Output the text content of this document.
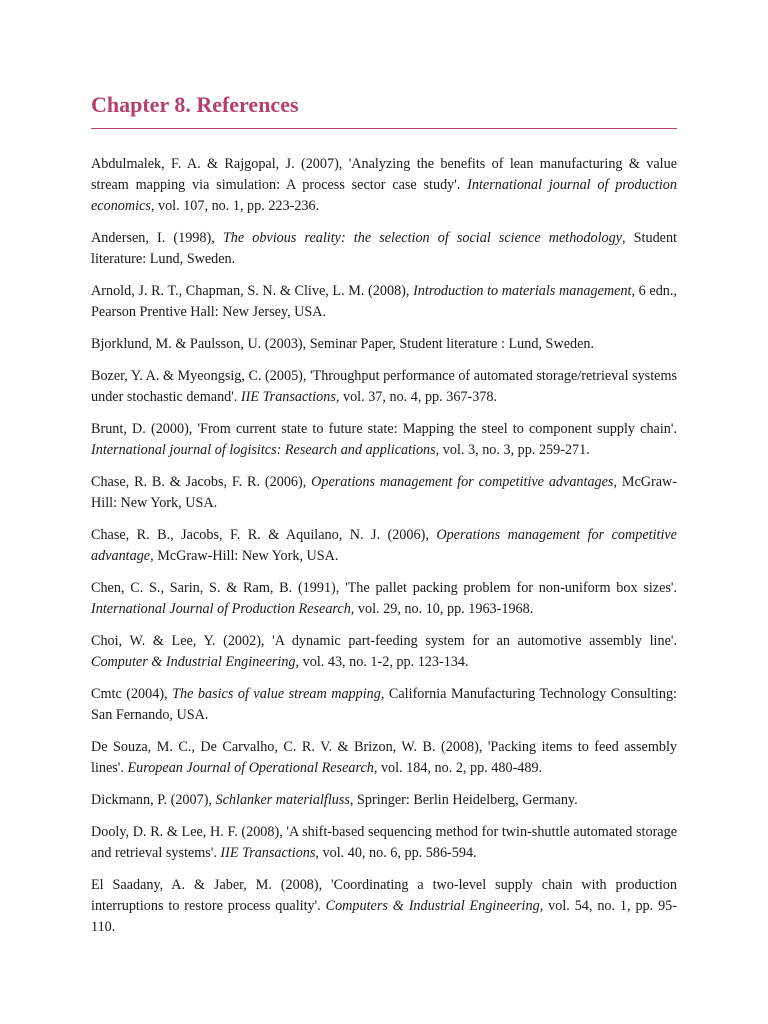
Chapter 8. References

Abdulmalek, F. A. & Rajgopal, J. (2007), 'Analyzing the benefits of lean manufacturing & value stream mapping via simulation: A process sector case study'. International journal of production economics, vol. 107, no. 1, pp. 223-236.

Andersen, I. (1998), The obvious reality: the selection of social science methodology, Student literature: Lund, Sweden.

Arnold, J. R. T., Chapman, S. N. & Clive, L. M. (2008), Introduction to materials management, 6 edn., Pearson Prentive Hall: New Jersey, USA.

Bjorklund, M. & Paulsson, U. (2003), Seminar Paper, Student literature : Lund, Sweden.

Bozer, Y. A. & Myeongsig, C. (2005), 'Throughput performance of automated storage/retrieval systems under stochastic demand'. IIE Transactions, vol. 37, no. 4, pp. 367-378.

Brunt, D. (2000), 'From current state to future state: Mapping the steel to component supply chain'. International journal of logisitcs: Research and applications, vol. 3, no. 3, pp. 259-271.

Chase, R. B. & Jacobs, F. R. (2006), Operations management for competitive advantages, McGraw-Hill: New York, USA.

Chase, R. B., Jacobs, F. R. & Aquilano, N. J. (2006), Operations management for competitive advantage, McGraw-Hill: New York, USA.

Chen, C. S., Sarin, S. & Ram, B. (1991), 'The pallet packing problem for non-uniform box sizes'. International Journal of Production Research, vol. 29, no. 10, pp. 1963-1968.

Choi, W. & Lee, Y. (2002), 'A dynamic part-feeding system for an automotive assembly line'. Computer & Industrial Engineering, vol. 43, no. 1-2, pp. 123-134.

Cmtc (2004), The basics of value stream mapping, California Manufacturing Technology Consulting: San Fernando, USA.

De Souza, M. C., De Carvalho, C. R. V. & Brizon, W. B. (2008), 'Packing items to feed assembly lines'. European Journal of Operational Research, vol. 184, no. 2, pp. 480-489.

Dickmann, P. (2007), Schlanker materialfluss, Springer: Berlin Heidelberg, Germany.

Dooly, D. R. & Lee, H. F. (2008), 'A shift-based sequencing method for twin-shuttle automated storage and retrieval systems'. IIE Transactions, vol. 40, no. 6, pp. 586-594.

El Saadany, A. & Jaber, M. (2008), 'Coordinating a two-level supply chain with production interruptions to restore process quality'. Computers & Industrial Engineering, vol. 54, no. 1, pp. 95-110.
